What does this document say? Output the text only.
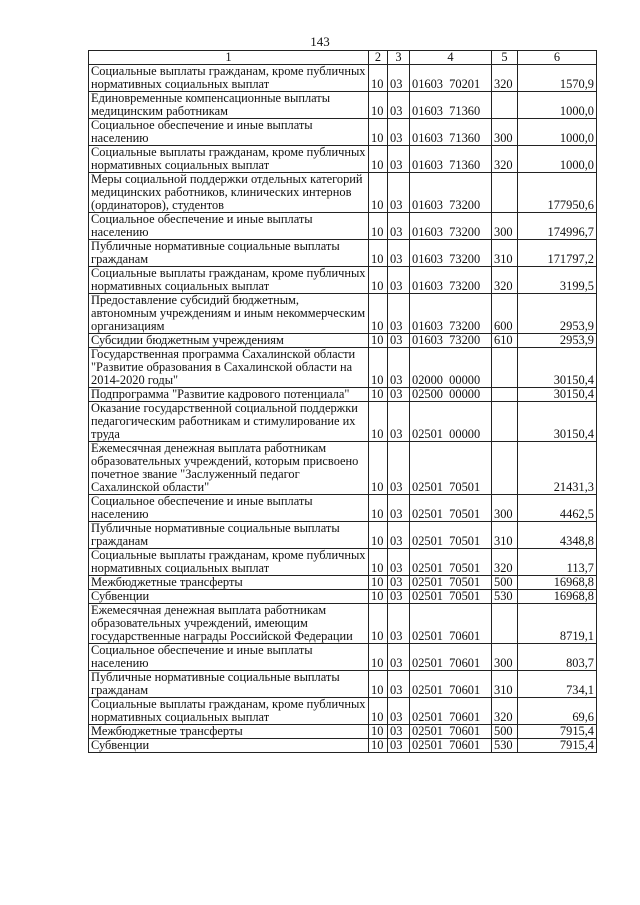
143
1	2	3	4	5	6
Социальные выплаты гражданам, кроме публичных нормативных социальных выплат	10	03	01603  70201	320	1570,9
Единовременные компенсационные выплаты медицинским работникам	10	03	01603  71360		1000,0
Социальное обеспечение и иные выплаты населению	10	03	01603  71360	300	1000,0
Социальные выплаты гражданам, кроме публичных нормативных социальных выплат	10	03	01603  71360	320	1000,0
Меры социальной поддержки отдельных категорий медицинских работников, клинических интернов (ординаторов), студентов	10	03	01603  73200		177950,6
Социальное обеспечение и иные выплаты населению	10	03	01603  73200	300	174996,7
Публичные нормативные социальные выплаты гражданам	10	03	01603  73200	310	171797,2
Социальные выплаты гражданам, кроме публичных нормативных социальных выплат	10	03	01603  73200	320	3199,5
Предоставление субсидий бюджетным, автономным учреждениям и иным некоммерческим организациям	10	03	01603  73200	600	2953,9
Субсидии бюджетным учреждениям	10	03	01603  73200	610	2953,9
Государственная программа Сахалинской области "Развитие образования в Сахалинской области на 2014-2020 годы"	10	03	02000  00000		30150,4
Подпрограмма "Развитие кадрового потенциала"	10	03	02500  00000		30150,4
Оказание государственной социальной поддержки педагогическим работникам и стимулирование их труда	10	03	02501  00000		30150,4
Ежемесячная денежная выплата работникам образовательных учреждений, которым присвоено почетное звание "Заслуженный педагог Сахалинской области"	10	03	02501  70501		21431,3
Социальное обеспечение и иные выплаты населению	10	03	02501  70501	300	4462,5
Публичные нормативные социальные выплаты гражданам	10	03	02501  70501	310	4348,8
Социальные выплаты гражданам, кроме публичных нормативных социальных выплат	10	03	02501  70501	320	113,7
Межбюджетные трансферты	10	03	02501  70501	500	16968,8
Субвенции	10	03	02501  70501	530	16968,8
Ежемесячная денежная выплата работникам образовательных учреждений, имеющим государственные награды Российской Федерации	10	03	02501  70601		8719,1
Социальное обеспечение и иные выплаты населению	10	03	02501  70601	300	803,7
Публичные нормативные социальные выплаты гражданам	10	03	02501  70601	310	734,1
Социальные выплаты гражданам, кроме публичных нормативных социальных выплат	10	03	02501  70601	320	69,6
Межбюджетные трансферты	10	03	02501  70601	500	7915,4
Субвенции	10	03	02501  70601	530	7915,4
